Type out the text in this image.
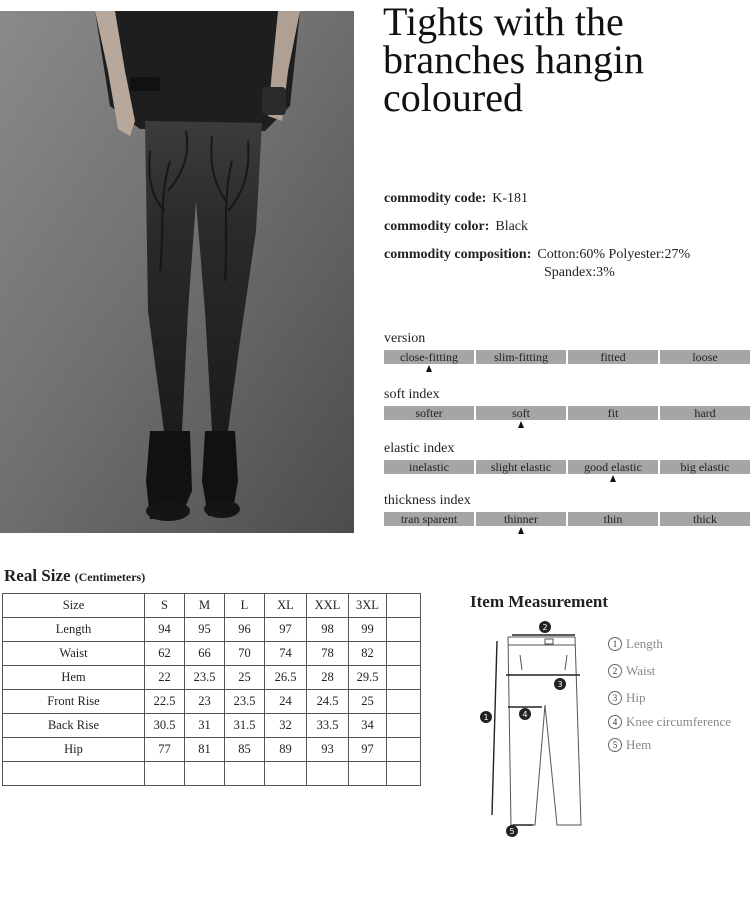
Tights with the branches hangin coloured
commodity code: K-181
commodity color: Black
commodity composition: Cotton:60% Polyester:27%
Spandex:3%
version
close-fitting	slim-fitting	fitted	loose
soft index
softer	soft	fit	hard
elastic index
inelastic	slight elastic	good elastic	big elastic
thickness index
tran sparent	thinner	thin	thick
Real Size (Centimeters)
Size	S	M	L	XL	XXL	3XL	
Length	94	95	96	97	98	99	
Waist	62	66	70	74	78	82	
Hem	22	23.5	25	26.5	28	29.5	
Front Rise	22.5	23	23.5	24	24.5	25	
Back Rise	30.5	31	31.5	32	33.5	34	
Hip	77	81	85	89	93	97	

Item Measurement
2
3
4
1
5
1 Length
2 Waist
3 Hip
4 Knee circumference
5 Hem
